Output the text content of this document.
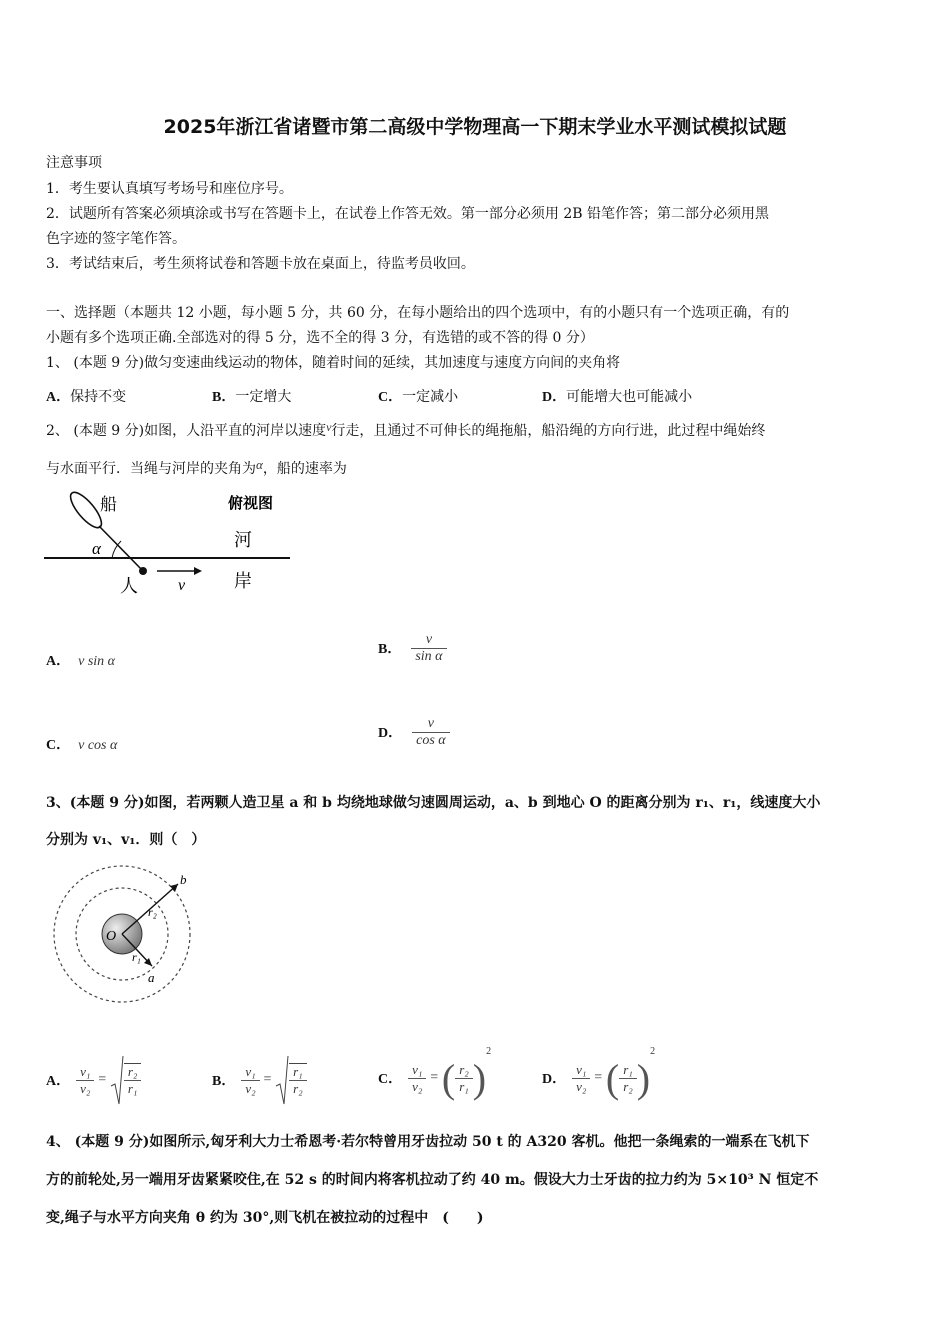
2025年浙江省诸暨市第二高级中学物理高一下期末学业水平测试模拟试题
注意事项
1．考生要认真填写考场号和座位序号。
2．试题所有答案必须填涂或书写在答题卡上，在试卷上作答无效。第一部分必须用 2B 铅笔作答；第二部分必须用黑
色字迹的签字笔作答。
3．考试结束后，考生须将试卷和答题卡放在桌面上，待监考员收回。
一、选择题（本题共 12 小题，每小题 5 分，共 60 分，在每小题给出的四个选项中，有的小题只有一个选项正确，有的
小题有多个选项正确.全部选对的得 5 分，选不全的得 3 分，有选错的或不答的得 0 分）
1、 (本题 9 分)做匀变速曲线运动的物体，随着时间的延续，其加速度与速度方向间的夹角将
A．保持不变	B．一定增大	C．一定减小	D．可能增大也可能减小
2、 (本题 9 分)如图，人沿平直的河岸以速度v行走，且通过不可伸长的绳拖船，船沿绳的方向行进，此过程中绳始终
与水面平行．当绳与河岸的夹角为α，船的速率为
船	俯视图
河
岸
人
α
v
A． v sin α
B． $\frac{v}{\text{sin α}}$
C． v cos α
D． $\frac{v}{\text{cos α}}$
3、(本题 9 分)如图，若两颗人造卫星 a 和 b 均绕地球做匀速圆周运动，a、b 到地心 O 的距离分别为 r₁、r₁，线速度大小
分别为 v₁、v₁．则（　）
O
b
a
r₂
r₁
A． $\frac{\text{v₁}}{\text{v₂}} = \frac{\text{r₂}}{\text{r₁}}$	B． $\frac{\text{v₁}}{\text{v₂}} = \frac{\text{r₁}}{\text{r₂}}$	C． $\frac{\text{v₁}}{\text{v₂}}$ = ( $\frac{\text{r₂}}{\text{r₁}}$ )
2
D． $\frac{\text{v₁}}{\text{v₂}}$ = ( $\frac{\text{r₁}}{\text{r₂}}$ )
2
4、 (本题 9 分)如图所示,匈牙利大力士希恩考·若尔特曾用牙齿拉动 50 t 的 A320 客机。他把一条绳索的一端系在飞机下
方的前轮处,另一端用牙齿紧紧咬住,在 52 s 的时间内将客机拉动了约 40 m。假设大力士牙齿的拉力约为 5×10³ N 恒定不
变,绳子与水平方向夹角 θ 约为 30°,则飞机在被拉动的过程中　(　　)
